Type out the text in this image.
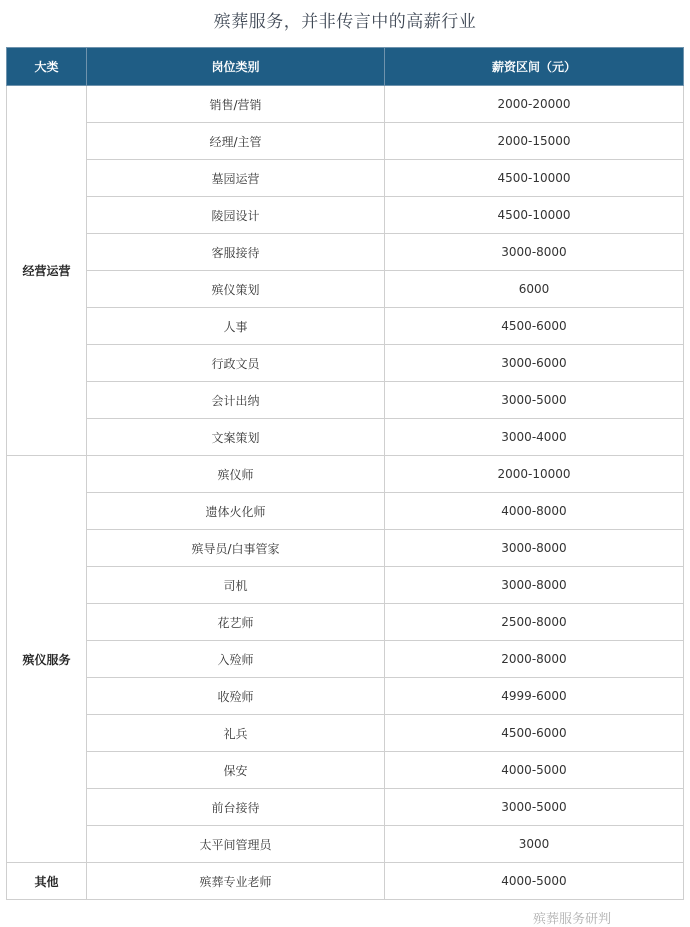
殡葬服务，并非传言中的高薪行业
大类	岗位类别	薪资区间（元）
经营运营	销售/营销	2000-20000
	经理/主管	2000-15000
	墓园运营	4500-10000
	陵园设计	4500-10000
	客服接待	3000-8000
	殡仪策划	6000
	人事	4500-6000
	行政文员	3000-6000
	会计出纳	3000-5000
	文案策划	3000-4000
殡仪服务	殡仪师	2000-10000
	遗体火化师	4000-8000
	殡导员/白事管家	3000-8000
	司机	3000-8000
	花艺师	2500-8000
	入殓师	2000-8000
	收殓师	4999-6000
	礼兵	4500-6000
	保安	4000-5000
	前台接待	3000-5000
	太平间管理员	3000
其他	殡葬专业老师	4000-5000
殡葬服务研判
